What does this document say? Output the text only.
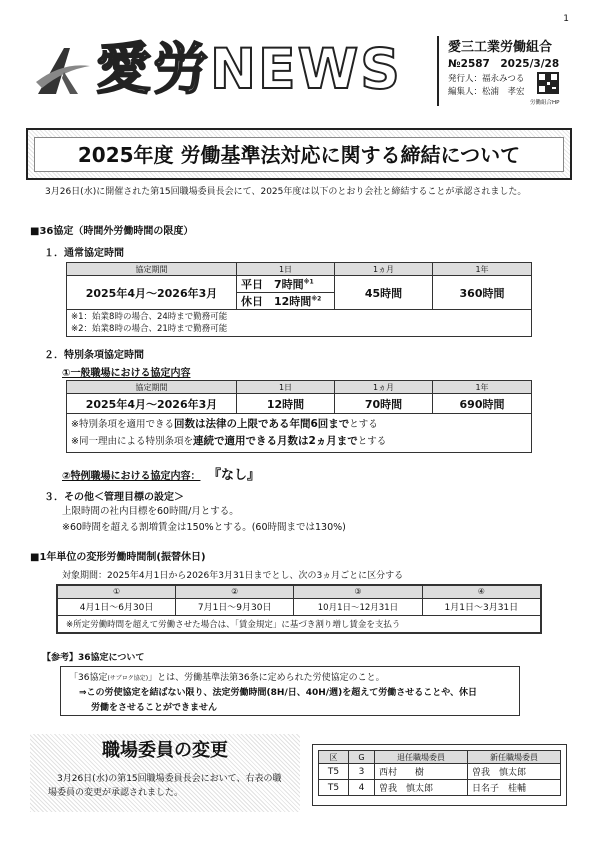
1
愛労NEWS	愛三工業労働組合
№2587　2025/3/28
発行人：福永みつる
編集人：松浦　孝宏
労働組合HP
2025年度 労働基準法対応に関する締結について
3月26日(水)に開催された第15回職場委員長会にて、2025年度は以下のとおり会社と締結することが承認されました。
■36協定（時間外労働時間の限度）
１．通常協定時間
協定期間	1日	1ヵ月	1年
2025年4月～2026年3月	平日　7時間$^{※1}$	45時間	360時間
	休日　12時間$^{※2}$

※1：始業8時の場合、24時まで勤務可能
※2：始業8時の場合、21時まで勤務可能			
２．特別条項協定時間
①一般職場における協定内容
協定期間	1日	1ヵ月	1年
2025年4月～2026年3月	12時間	70時間	690時間

※特別条項を適用できる回数は法律の上限である年間6回までとする
※同一理由による特別条項を連続で適用できる月数は2ヵ月までとする			
②特例職場における協定内容： 『なし』
３．その他＜管理目標の設定＞
上限時間の社内目標を60時間/月とする。
※60時間を超える割増賃金は150%とする。(60時間までは130%)
■1年単位の変形労働時間制(振替休日)
対象期間：2025年4月1日から2026年3月31日までとし、次の3ヵ月ごとに区分する
①	②	③	④
4月1日～6月30日	7月1日～9月30日	10月1日～12月31日	1月1日～3月31日
※所定労働時間を超えて労働させた場合は、「賃金規定」に基づき割り増し賃金を支払う			
【参考】36協定について
「36協定(サブロク協定)」とは、労働基準法第36条に定められた労使協定のこと。
⇒この労使協定を結ばない限り、法定労働時間(8H/日、40H/週)を超えて労働させることや、休日
労働をさせることができません
職場委員の変更
3月26日(水)の第15回職場委員長会において、右表の職場委員の変更が承認されました。
区	G	退任職場委員	新任職場委員
T5	3	西村　　樹	曽我　慎太郎
T5	4	曽我　慎太郎	日名子　桂輔
